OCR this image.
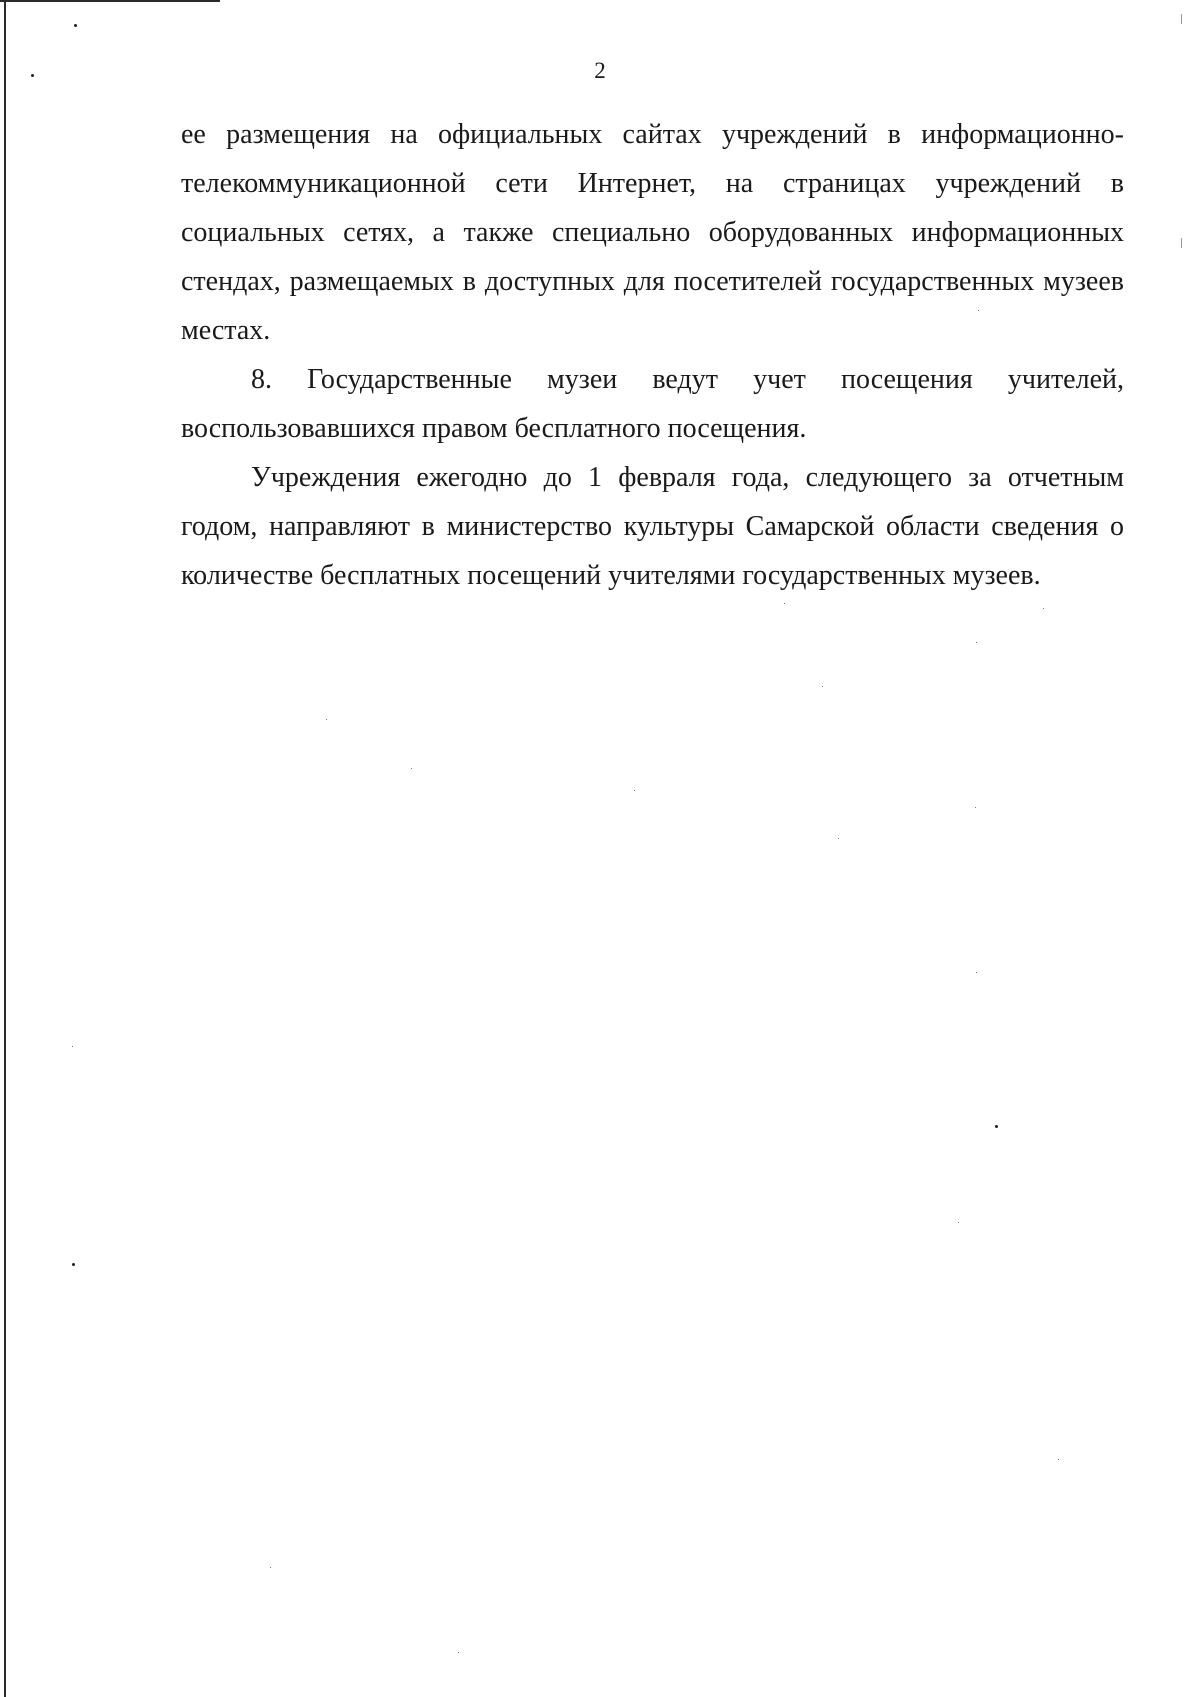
2

ее размещения на официальных сайтах учреждений в информационно-телекоммуникационной сети Интернет, на страницах учреждений в социальных сетях, а также специально оборудованных информационных стендах, размещаемых в доступных для посетителей государственных музеев местах.

8. Государственные музеи ведут учет посещения учителей, воспользовавшихся правом бесплатного посещения.

Учреждения ежегодно до 1 февраля года, следующего за отчетным годом, направляют в министерство культуры Самарской области сведения о количестве бесплатных посещений учителями государственных музеев.
